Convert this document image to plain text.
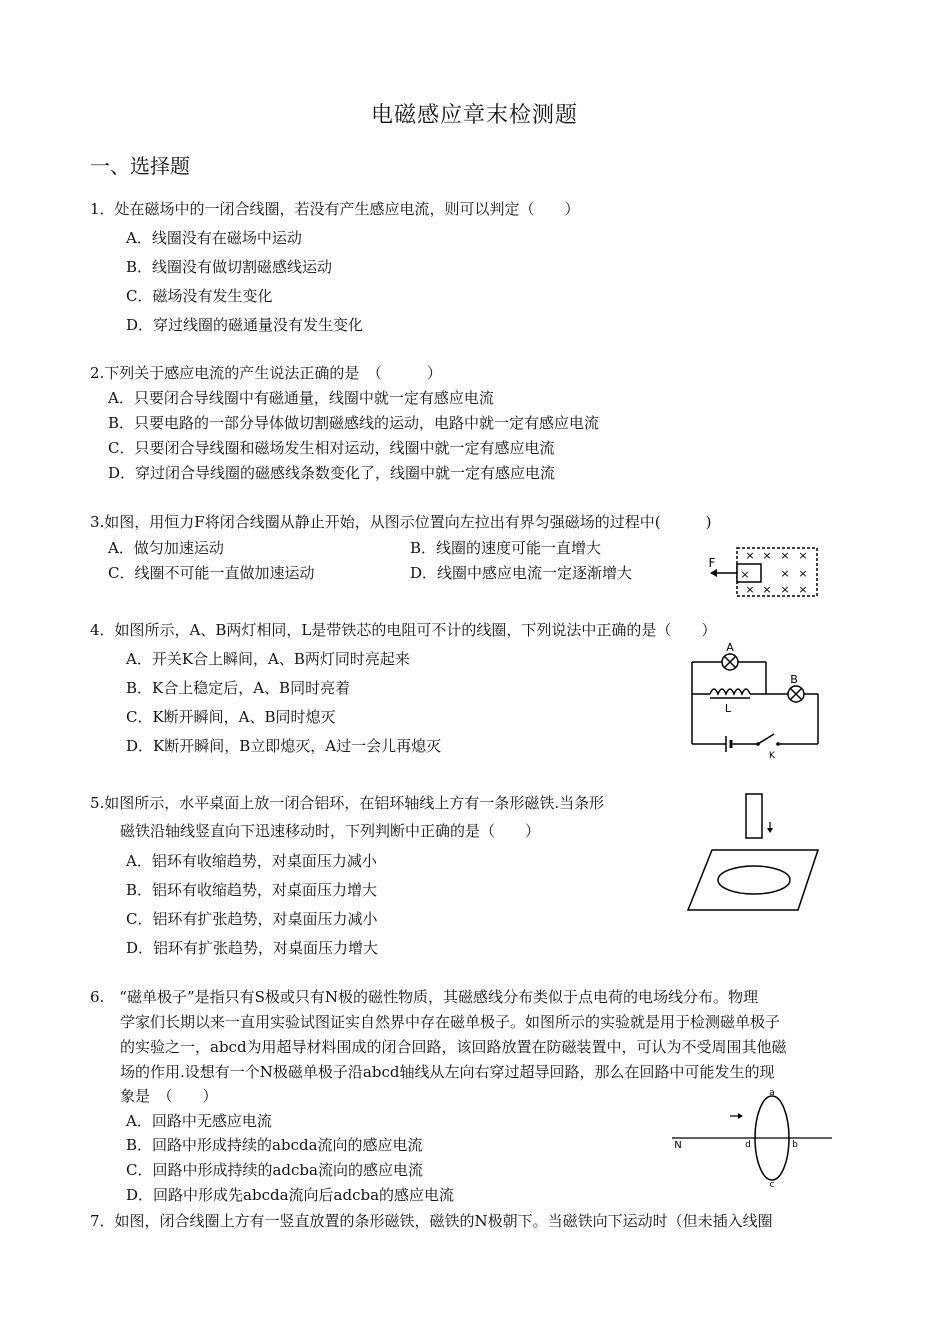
电磁感应章末检测题
一、选择题
1．处在磁场中的一闭合线圈，若没有产生感应电流，则可以判定（　　）
A．线圈没有在磁场中运动
B．线圈没有做切割磁感线运动
C．磁场没有发生变化
D．穿过线圈的磁通量没有发生变化
2.下列关于感应电流的产生说法正确的是　（　　　）
A．只要闭合导线圈中有磁通量，线圈中就一定有感应电流
B．只要电路的一部分导体做切割磁感线的运动，电路中就一定有感应电流
C．只要闭合导线圈和磁场发生相对运动，线圈中就一定有感应电流
D．穿过闭合导线圈的磁感线条数变化了，线圈中就一定有感应电流
3.如图，用恒力F将闭合线圈从静止开始，从图示位置向左拉出有界匀强磁场的过程中(　　　)
A．做匀加速运动	B．线圈的速度可能一直增大
C．线圈不可能一直做加速运动	D．线圈中感应电流一定逐渐增大
× × × ×
× ×
× × × ×
×
F
4．如图所示，A、B两灯相同，L是带铁芯的电阻可不计的线圈，下列说法中正确的是（　　）
A．开关K合上瞬间，A、B两灯同时亮起来
B．K合上稳定后，A、B同时亮着
C．K断开瞬间，A、B同时熄灭
D．K断开瞬间，B立即熄灭，A过一会儿再熄灭
A
B
L
K
5.如图所示，水平桌面上放一闭合铝环，在铝环轴线上方有一条形磁铁.当条形
磁铁沿轴线竖直向下迅速移动时，下列判断中正确的是（　　）
A．铝环有收缩趋势，对桌面压力减小
B．铝环有收缩趋势，对桌面压力增大
C．铝环有扩张趋势，对桌面压力减小
D．铝环有扩张趋势，对桌面压力增大
6.　“磁单极子”是指只有S极或只有N极的磁性物质，其磁感线分布类似于点电荷的电场线分布。物理
学家们长期以来一直用实验试图证实自然界中存在磁单极子。如图所示的实验就是用于检测磁单极子
的实验之一，abcd为用超导材料围成的闭合回路，该回路放置在防磁装置中，可认为不受周围其他磁
场的作用.设想有一个N极磁单极子沿abcd轴线从左向右穿过超导回路，那么在回路中可能发生的现
象是　（　　）
A．回路中无感应电流
B．回路中形成持续的abcda流向的感应电流
C．回路中形成持续的adcba流向的感应电流
D．回路中形成先abcda流向后adcba的感应电流
N
a
b
c
d
7．如图，闭合线圈上方有一竖直放置的条形磁铁，磁铁的N极朝下。当磁铁向下运动时（但未插入线圈
